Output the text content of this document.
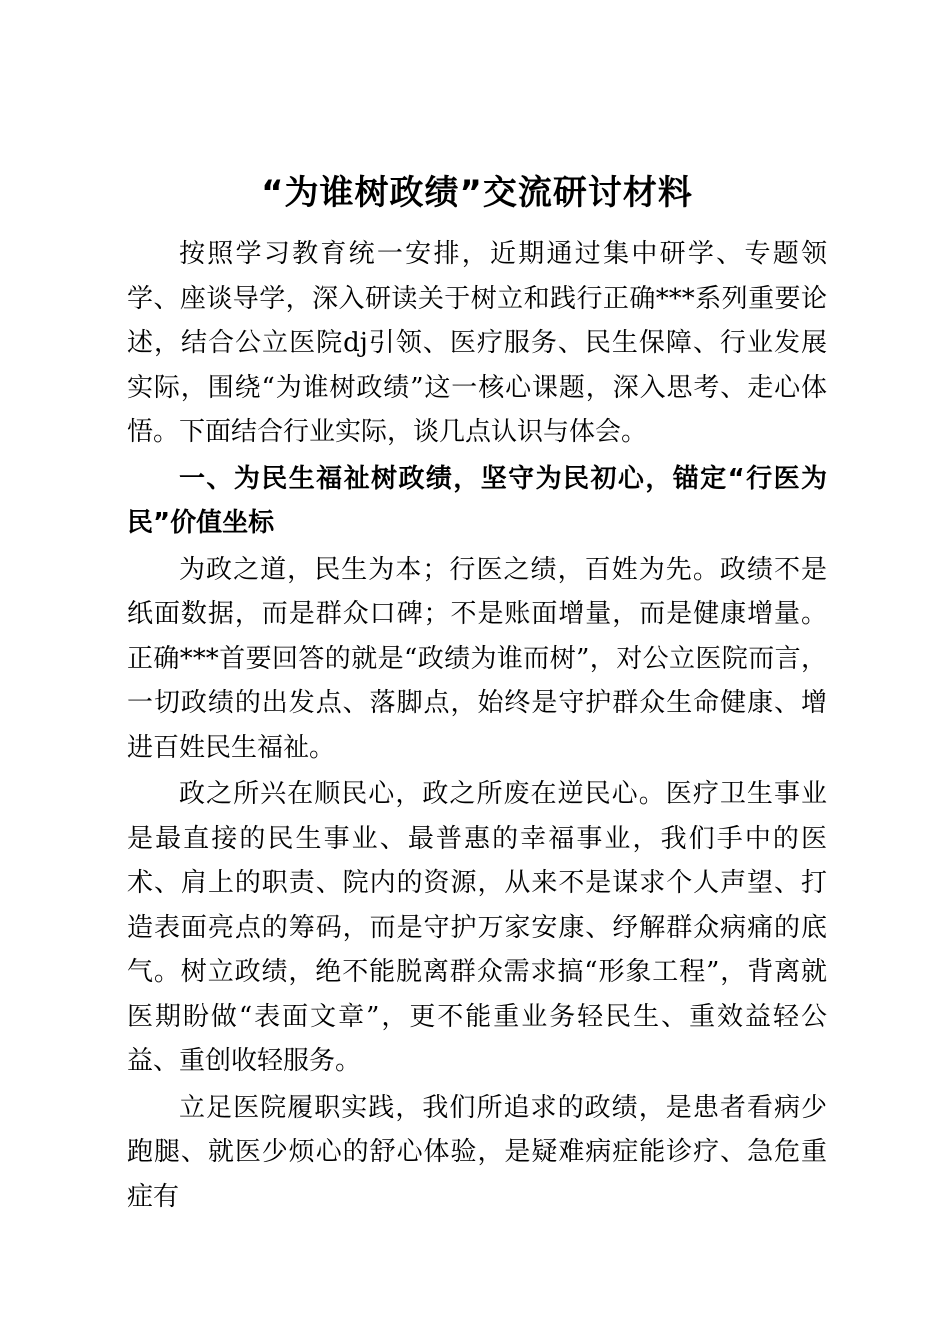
“为谁树政绩”交流研讨材料

按照学习教育统一安排，近期通过集中研学、专题领学、座谈导学，深入研读关于树立和践行正确***系列重要论述，结合公立医院dj引领、医疗服务、民生保障、行业发展实际，围绕“为谁树政绩”这一核心课题，深入思考、走心体悟。下面结合行业实际，谈几点认识与体会。

一、为民生福祉树政绩，坚守为民初心，锚定“行医为民”价值坐标

为政之道，民生为本；行医之绩，百姓为先。政绩不是纸面数据，而是群众口碑；不是账面增量，而是健康增量。正确***首要回答的就是“政绩为谁而树”，对公立医院而言，一切政绩的出发点、落脚点，始终是守护群众生命健康、增进百姓民生福祉。

政之所兴在顺民心，政之所废在逆民心。医疗卫生事业是最直接的民生事业、最普惠的幸福事业，我们手中的医术、肩上的职责、院内的资源，从来不是谋求个人声望、打造表面亮点的筹码，而是守护万家安康、纾解群众病痛的底气。树立政绩，绝不能脱离群众需求搞“形象工程”，背离就医期盼做“表面文章”，更不能重业务轻民生、重效益轻公益、重创收轻服务。

立足医院履职实践，我们所追求的政绩，是患者看病少跑腿、就医少烦心的舒心体验，是疑难病症能诊疗、急危重症有
